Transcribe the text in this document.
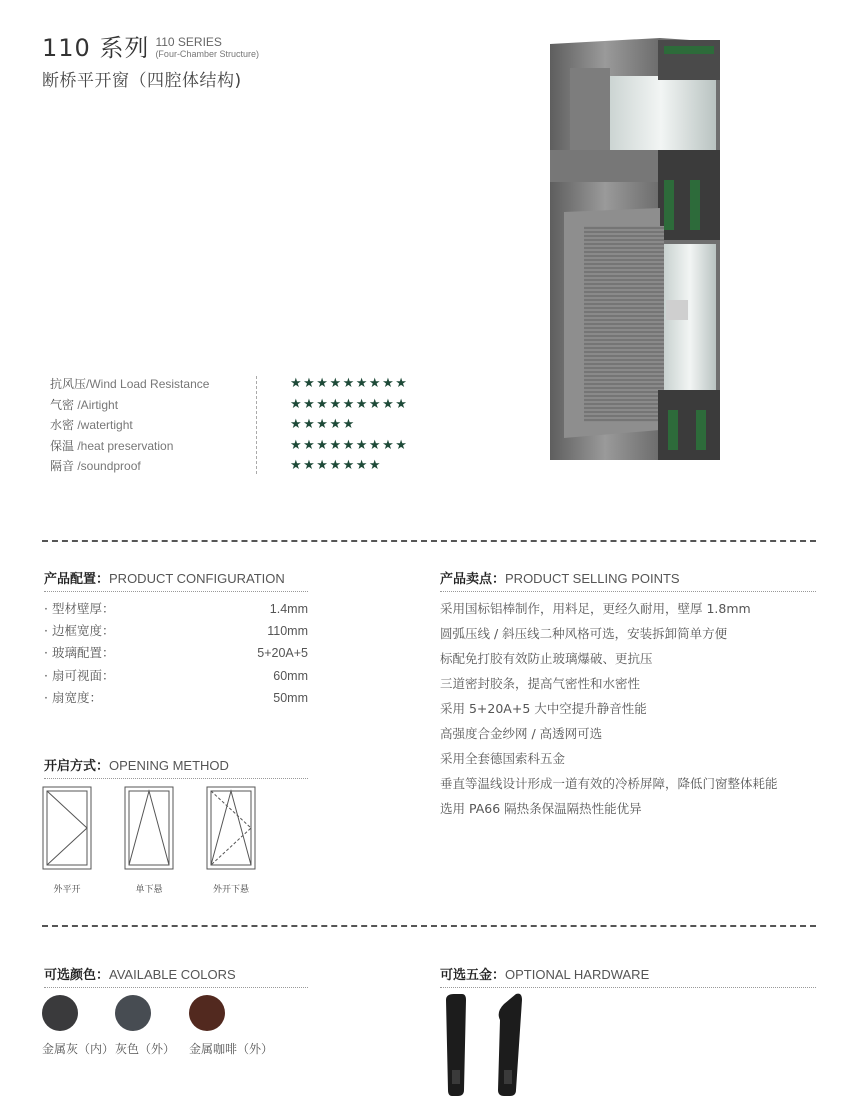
110 系列 110 SERIES
(Four-Chamber Structure)
断桥平开窗（四腔体结构)
抗风压/Wind Load Resistance	★★★★★★★★★
气密 /Airtight	★★★★★★★★★
水密 /watertight	★★★★★
保温 /heat preservation	★★★★★★★★★
隔音 /soundproof	★★★★★★★
产品配置：PRODUCT CONFIGURATION
· 型材壁厚：	1.4mm
· 边框宽度：	110mm
· 玻璃配置：	5+20A+5
· 扇可视面：	60mm
· 扇宽度：	50mm
产品卖点：PRODUCT SELLING POINTS
采用国标铝棒制作，用料足，更经久耐用，壁厚 1.8mm
圆弧压线 / 斜压线二种风格可选，安装拆卸简单方便
标配免打胶有效防止玻璃爆破、更抗压
三道密封胶条，提高气密性和水密性
采用 5+20A+5 大中空提升静音性能
高强度合金纱网 / 高透网可选
采用全套德国索科五金
垂直等温线设计形成一道有效的冷桥屏障，降低门窗整体耗能
选用 PA66 隔热条保温隔热性能优异
开启方式：OPENING METHOD
外平开	单下悬	外开下悬
可选颜色：AVAILABLE COLORS
金属灰（内） 灰色（外） 金属咖啡（外）
可选五金：OPTIONAL HARDWARE
